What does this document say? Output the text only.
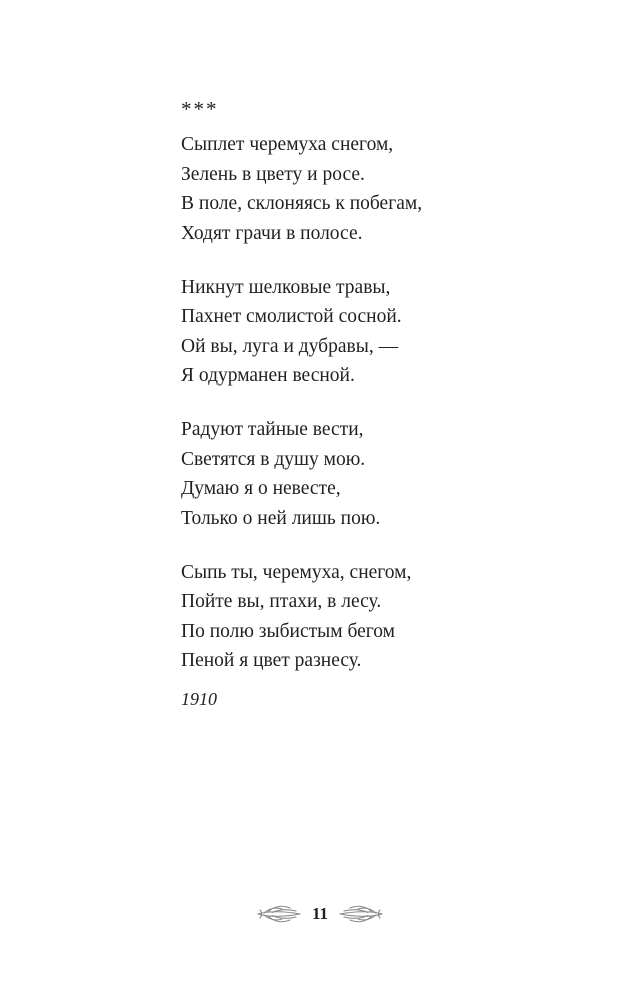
***
Сыплет черемуха снегом,
Зелень в цвету и росе.
В поле, склоняясь к побегам,
Ходят грачи в полосе.
Никнут шелковые травы,
Пахнет смолистой сосной.
Ой вы, луга и дубравы, —
Я одурманен весной.
Радуют тайные вести,
Светятся в душу мою.
Думаю я о невесте,
Только о ней лишь пою.
Сыпь ты, черемуха, снегом,
Пойте вы, птахи, в лесу.
По полю зыбистым бегом
Пеной я цвет разнесу.
1910
11
